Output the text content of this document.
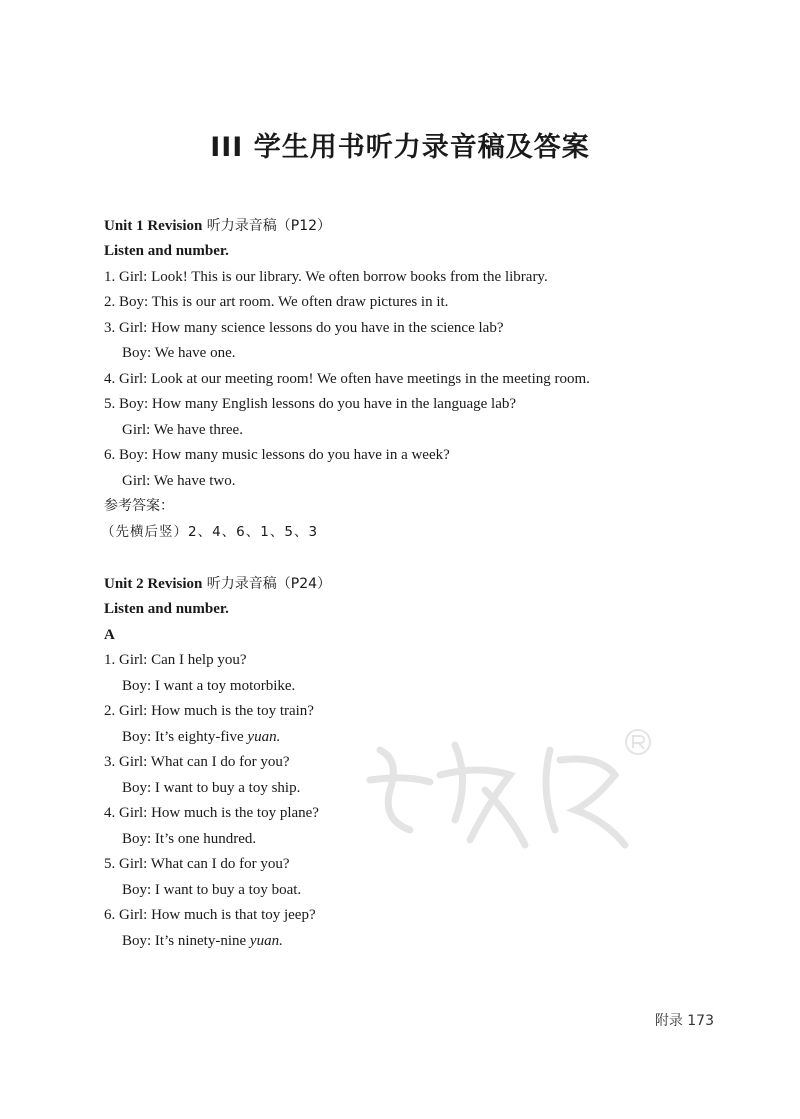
III 学生用书听力录音稿及答案
Unit 1 Revision 听力录音稿（P12）
Listen and number.
1. Girl: Look! This is our library. We often borrow books from the library.
2. Boy: This is our art room. We often draw pictures in it.
3. Girl: How many science lessons do you have in the science lab?
Boy: We have one.
4. Girl: Look at our meeting room! We often have meetings in the meeting room.
5. Boy: How many English lessons do you have in the language lab?
Girl: We have three.
6. Boy: How many music lessons do you have in a week?
Girl: We have two.
参考答案：
（先横后竖）2、4、6、1、5、3
Unit 2 Revision 听力录音稿（P24）
Listen and number.
A
1. Girl: Can I help you?
Boy: I want a toy motorbike.
2. Girl: How much is the toy train?
Boy: It’s eighty-five yuan.
3. Girl: What can I do for you?
Boy: I want to buy a toy ship.
4. Girl: How much is the toy plane?
Boy: It’s one hundred.
5. Girl: What can I do for you?
Boy: I want to buy a toy boat.
6. Girl: How much is that toy jeep?
Boy: It’s ninety-nine yuan.
附录 173
